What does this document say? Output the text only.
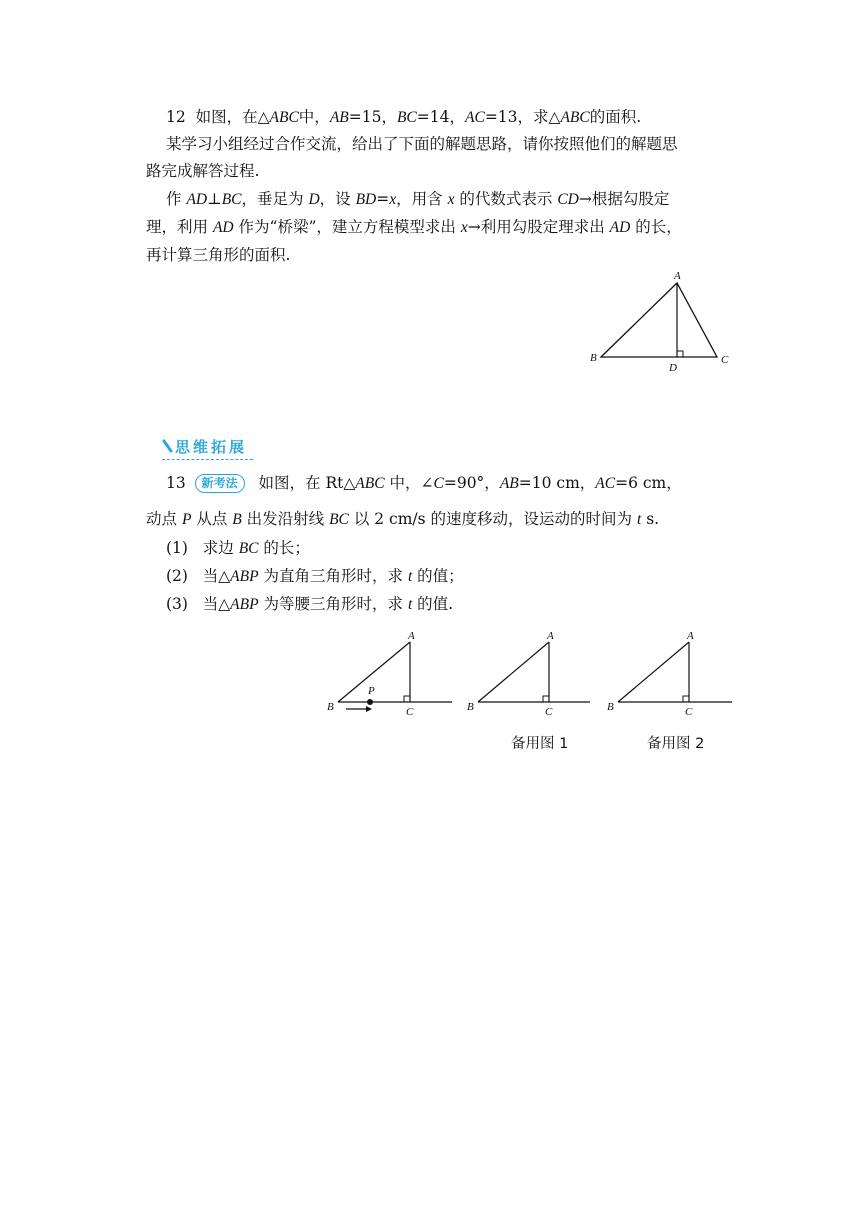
12 如图，在△ABC中，AB=15，BC=14，AC=13，求△ABC的面积.
某学习小组经过合作交流，给出了下面的解题思路，请你按照他们的解题思
路完成解答过程.
作 AD⊥BC，垂足为 D，设 BD=x，用含 x 的代数式表示 CD→根据勾股定
理，利用 AD 作为“桥梁”，建立方程模型求出 x→利用勾股定理求出 AD 的长，
再计算三角形的面积.
A
B	C
D
思维拓展
13 新考法 如图，在 Rt△ABC 中，∠C=90°，AB=10 cm，AC=6 cm，
动点 P 从点 B 出发沿射线 BC 以 2 cm/s 的速度移动，设运动的时间为 t s.
(1) 求边 BC 的长；
(2) 当△ABP 为直角三角形时，求 t 的值；
(3) 当△ABP 为等腰三角形时，求 t 的值.
A
B	C
P
A
B	C
备用图 1
A
B	C
备用图 2
